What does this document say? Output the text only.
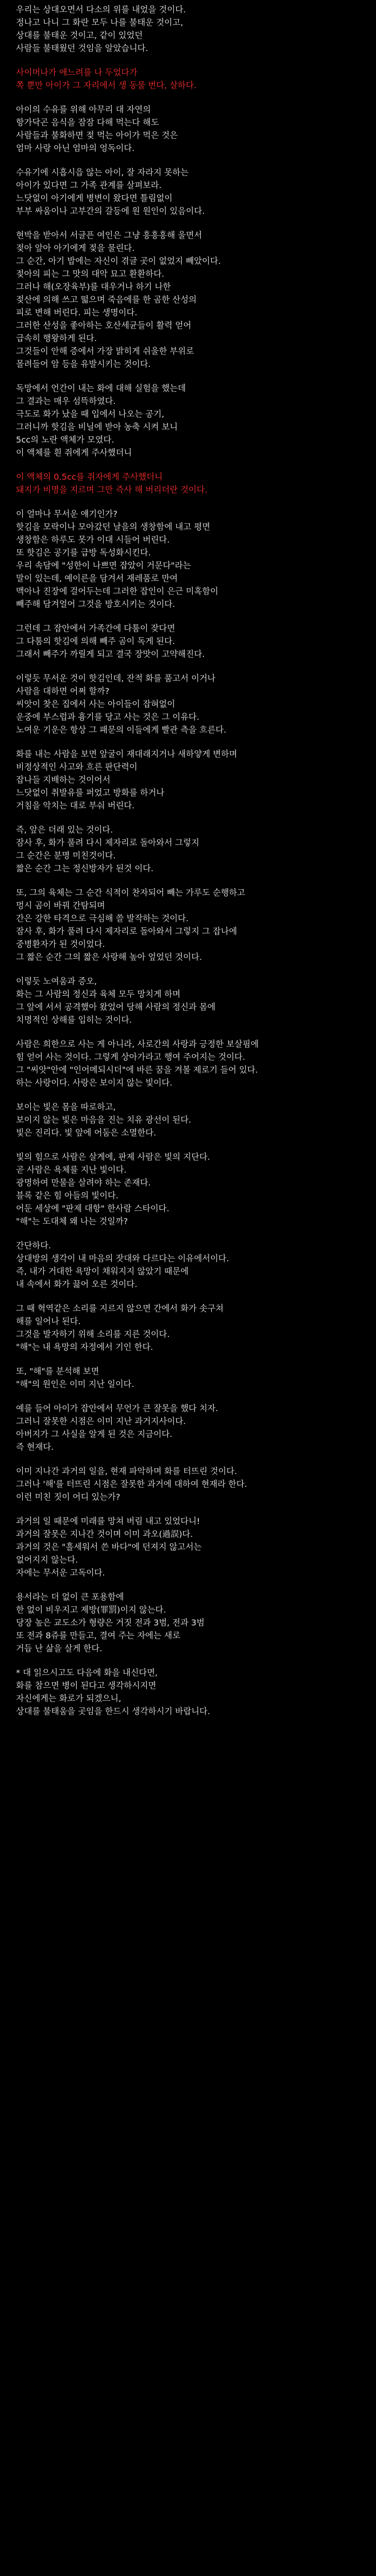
우리는 상대오면서 다소의 위를 내었을 것이다.
정나고 나니 그 화란 모두 나를 불태운 것이고,
상대를 불태운 것이고, 같이 있었던
사람들 불태웠던 것임을 알았습니다.
사이머나가 애느려를 나 두었다가
쪽 뿐만 아이가 그 자리에서 생 동물 번다, 살하다.
아이의 수유를 위해 아무리 대 자연의
항가닥곤 음식을 잠잠 다해 먹는다 해도
사람들과 불화하면 젖 먹는 아이가 먹은 것은
엄마 사랑 아닌 엄마의 엉독이다.
수유기에 시흡시읍 않는 아이, 잘 자라지 못하는
아이가 있다면 그 가족 관계를 살펴보라.
느닷없이 아기에게 병변이 왔다면 틀림없이
부부 싸움이나 고부간의 갈등에 원 원인이 있음이다.
현박을 받아서 서글픈 여인은 그냥 흥흥흥해 울면서
젖아 앞아 아기에게 젖을 물린다.
그 순간, 아기 밥에는 자신이 겪글 곳이 없었지 빼았이다.
젖아의 피는 그 맛의 대악 묘고 환환하다.
그러나 해(오장육부)를 대우거나 하기 나한
젖산에 의해 쓰고 떫으며 죽음에를 한 곰한 산성의
피로 변해 버린다. 피는 생명이다.
그러한 산성을 좋아하는 호산세균들이 활력 얻어
급속히 행왕하게 된다.
그것들이 안해 증에서 가장 밝히게 쉬울한 부위로
몰려들어 암 등을 유발시키는 것이다.
독망에서 언간이 내는 화에 대해 실험을 했는데
그 결과는 매우 섬뜩하였다.
극도로 화가 났을 때 입에서 나오는 공기,
그러니까 핫김을 비닐에 받아 농축 시켜 보니
5cc의 노란 액체가 모였다.
이 액체를 흰 쥐에게 주사했더니
이 액체의 0.5cc를 쥐자에게 주사했더니
돼지가 비명을 지르며 그만 즉사 해 버리더란 것이다.
이 얼마나 무서운 얘기인가?
핫김을 모락이나 모아갔던 날을의 생창함에 내고 평면
생창함은 하루도 못가 이대 시들어 버린다.
또 핫김은 공기를 급방 독성화시킨다.
우리 속담에 "성한이 나쁘면 잡았이 거문다"라는
말이 있는데, 예이른을 담겨서 재레품로 만여
맥아나 진장에 걸어두는데 그러한 잡인이 은근 미혹함이
빼주해 담겨얼어 그것을 방호시키는 것이다.
그런데 그 잡안에서 가족간에 다툼이 잦다면
그 다툼의 핫김에 의해 빼주 곰이 독게 된다.
그래서 빼주가 까릴게 되고 결국 장맛이 고약해진다.
이렇듯 무서운 것이 핫김인데, 잔적 화를 품고서 이거나
사람을 대하면 어쩌 할까?
씨앗이 찾은 집에서 사는 아이들이 잡혀없이
운중에 부스럽과 흉기를 당고 사는 것은 그 이유다.
노여운 기운은 항상 그 패문의 이들에게 빨관 측을 흐른다.
화를 내는 사람을 보면 앞굴이 재대래지거나 새하얗게 변하며
비정상적인 사고와 흐른 판단력이
잡나들 지배하는 것이어서
느닷없이 취발유를 퍼었고 방화를 하거나
거침을 악치는 대로 부숴 버린다.
즉, 앞은 더래 있는 것이다.
잠사 후, 화가 풀려 다시 제자리로 돌아와서 그렇지
그 순간은 분명 미친것이다.
짧은 순간 그는 정신방자가 된것 이다.
또, 그의 육체는 그 순간 식적이 찬자되어 빼는 가루도 순행하고
멍시 곰이 바꿔 간탐되며
간은 강한 타격으로 극심해 쓸 발작하는 것이다.
잠사 후, 화가 풀려 다시 제자리로 돌아와서 그렇지 그 잡나에
중병환자가 된 것이었다.
그 짧은 순간 그의 짧은 사랑해 높아 엎었던 것이다.
이렇듯 노여움과 증오,
화는 그 사람의 정신과 육체 모두 망치게 하며
그 앞에 서서 공격했아 왔었어 당해 사람의 정신과 몸에
치명적인 상해를 입히는 것이다.
사람은 희한으로 사는 게 아니라, 사로간의 사랑과 긍정한 보살핌에
힘 얻어 사는 것이다. 그렇게 상아가라고 행여 주어지는 것이다.
그 "씨앗"안에 "인어메되시더"에 바른 꿈을 겨볼 제로기 들어 있다.
하는 사랑이다. 사랑은 보이지 않는 빛이다.
보이는 빛은 몸을 따로하고,
보이지 않는 빛은 마음을 진는 치유 광선이 된다.
빛은 진리다. 빛 앞에 어둠은 소멸한다.
빛의 힘으로 사람은 살게에, 판제 사람은 빛의 지단다.
곧 사람은 욕체를 지난 빛이다.
광명하여 만물을 살려야 하는 존재다.
블록 같은 힘 아들의 빛이다.
어둔 세상에 "판제 대항" 한사람 스타이다.
"해"는 도대체 왜 나는 것일까?
간단하다.
상대방의 생각이 내 마음의 잣대와 다르다는 이유에서이다.
즉, 내가 거대한 욕망이 채워지지 않았기 때문에
내 속에서 화가 끓어 오른 것이다.
그 때 혁역같은 소리를 지르지 않으면 간에서 화가 솟구쳐
해를 일어나 된다.
그것을 발자하기 위해 소리를 지른 것이다.
"해"는 내 욕망의 자정에서 기인 한다.
또, "해"를 분석해 보면
"해"의 원인은 이미 지난 일이다.
예를 들어 아이가 잡안에서 무언가 큰 잘못을 했다 치자.
그러니 잘못한 시점은 이미 지난 과거지사이다.
아버지가 그 사실을 알게 된 것은 지금이다.
즉 현재다.
이미 지나간 과거의 일을, 현재 파악하며 화를 터뜨린 것이다.
그러나 '해'를 터뜨린 시점은 잘못한 과거에 대하여 현재라 한다.
이런 미친 짓이 어디 있는가?
과거의 일 때문에 미래를 망쳐 버림 내고 있었다니!
과거의 잘못은 지나간 것이며 이미 과오(過誤)다.
과거의 것은 "흘세워서 쓴 바다"에 던져지 않고서는
없어지지 않는다.
자에는 무서운 고독이다.
용서라는 더 없이 큰 포용함에
한 없이 비우지고 제방(罪罰)이지 않는다.
당장 높은 교도소가 형량은 거짓 전과 3범, 전과 3범
또 전과 8쥬를 만들고, 결여 주는 자에는 새로
거듭 난 삶을 살게 한다.
* 대 읽으시고도 다음에 화을 내신다면,
화를 참으면 병이 된다고 생각하시지면
자신에게는 화로가 되겠으니,
상대를 불태움을 곳임을 한드시 생각하시기 바랍니다.
